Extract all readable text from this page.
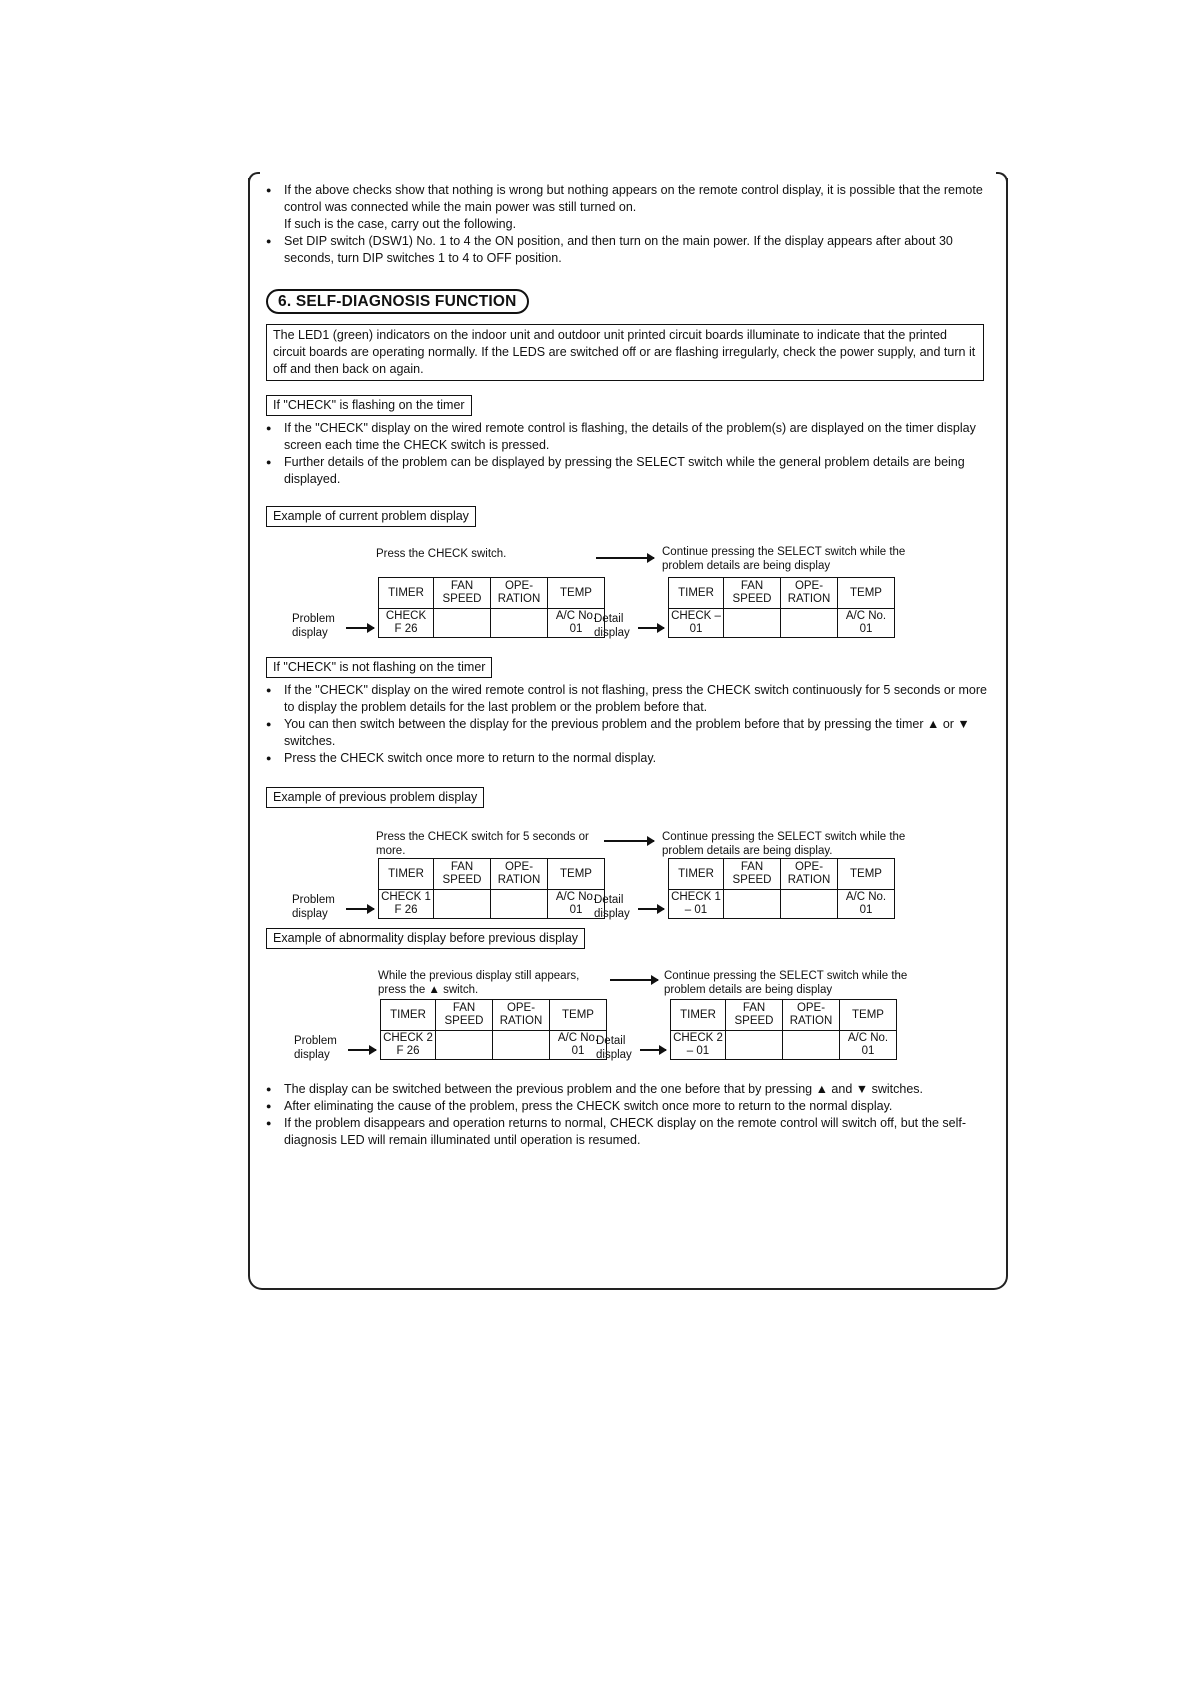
● If the above checks show that nothing is wrong but nothing appears on the remote control display, it is possible that the remote control was connected while the main power was still turned on.
If such is the case, carry out the following.
● Set DIP switch (DSW1) No. 1 to 4 the ON position, and then turn on the main power. If the display appears after about 30 seconds, turn DIP switches 1 to 4 to OFF position.
6. SELF-DIAGNOSIS FUNCTION
The LED1 (green) indicators on the indoor unit and outdoor unit printed circuit boards illuminate to indicate that the printed circuit boards are operating normally. If the LEDS are switched off or are flashing irregularly, check the power supply, and turn it off and then back on again.
If "CHECK" is flashing on the timer
● If the "CHECK" display on the wired remote control is flashing, the details of the problem(s) are displayed on the timer display screen each time the CHECK switch is pressed.
● Further details of the problem can be displayed by pressing the SELECT switch while the general problem details are being displayed.
Example of current problem display
Press the CHECK switch.	Continue pressing the SELECT switch while the problem details are being display
TIMER	FAN SPEED	OPE- RATION	TEMP
CHECK F 26			A/C No. 01
Problem display
Detail display
TIMER	FAN SPEED	OPE- RATION	TEMP
CHECK – 01			A/C No. 01
If "CHECK" is not flashing on the timer
● If the "CHECK" display on the wired remote control is not flashing, press the CHECK switch continuously for 5 seconds or more to display the problem details for the last problem or the problem before that.
● You can then switch between the display for the previous problem and the problem before that by pressing the timer ▲ or ▼ switches.
● Press the CHECK switch once more to return to the normal display.
Example of previous problem display
Press the CHECK switch for 5 seconds or more.
Continue pressing the SELECT switch while the problem details are being display.
TIMER	FAN SPEED	OPE- RATION	TEMP
CHECK 1 F 26			A/C No. 01
Problem display
Detail display
TIMER	FAN SPEED	OPE- RATION	TEMP
CHECK 1 – 01			A/C No. 01
Example of abnormality display before previous display
While the previous display still appears, press the ▲ switch.
Continue pressing the SELECT switch while the problem details are being display
TIMER	FAN SPEED	OPE- RATION	TEMP
CHECK 2 F 26			A/C No. 01
Problem display
Detail display
TIMER	FAN SPEED	OPE- RATION	TEMP
CHECK 2 – 01			A/C No. 01
● The display can be switched between the previous problem and the one before that by pressing ▲ and ▼ switches.
● After eliminating the cause of the problem, press the CHECK switch once more to return to the normal display.
● If the problem disappears and operation returns to normal, CHECK display on the remote control will switch off, but the self-diagnosis LED will remain illuminated until operation is resumed.
